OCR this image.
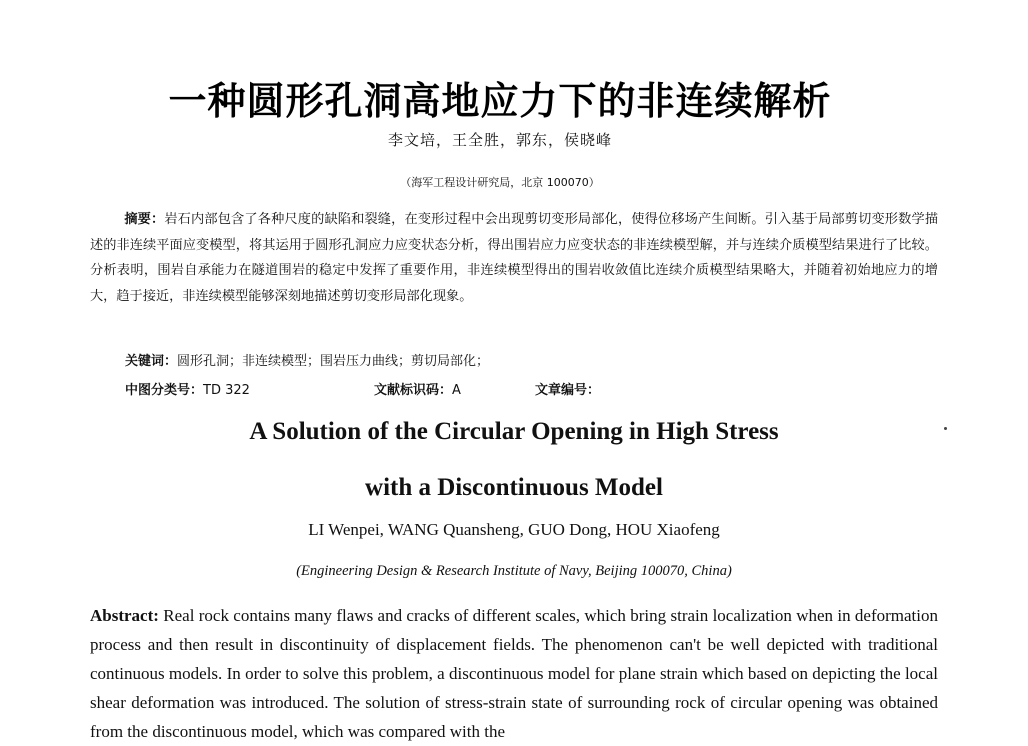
一种圆形孔洞高地应力下的非连续解析
李文培，王全胜，郭东，侯晓峰
（海军工程设计研究局，北京 100070）
摘要：岩石内部包含了各种尺度的缺陷和裂缝，在变形过程中会出现剪切变形局部化，使得位移场产生间断。引入基于局部剪切变形数学描述的非连续平面应变模型，将其运用于圆形孔洞应力应变状态分析，得出围岩应力应变状态的非连续模型解，并与连续介质模型结果进行了比较。分析表明，围岩自承能力在隧道围岩的稳定中发挥了重要作用，非连续模型得出的围岩收敛值比连续介质模型结果略大，并随着初始地应力的增大，趋于接近，非连续模型能够深刻地描述剪切变形局部化现象。
关键词：圆形孔洞；非连续模型；围岩压力曲线；剪切局部化；
中图分类号：TD 322	文献标识码：A	文章编号：
A Solution of the Circular Opening in High Stress
with a Discontinuous Model
LI Wenpei, WANG Quansheng, GUO Dong, HOU Xiaofeng
(Engineering Design & Research Institute of Navy, Beijing 100070, China)
Abstract: Real rock contains many flaws and cracks of different scales, which bring strain localization when in deformation process and then result in discontinuity of displacement fields. The phenomenon can't be well depicted with traditional continuous models. In order to solve this problem, a discontinuous model for plane strain which based on depicting the local shear deformation was introduced. The solution of stress-strain state of surrounding rock of circular opening was obtained from the discontinuous model, which was compared with the
